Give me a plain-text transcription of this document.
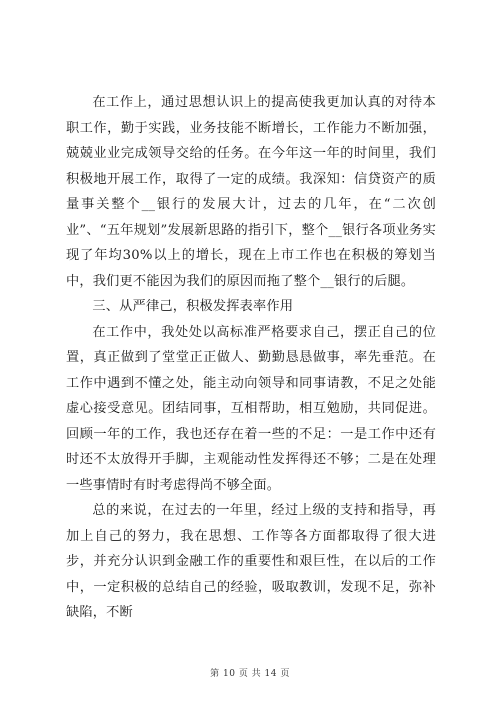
在工作上，通过思想认识上的提高使我更加认真的对待本职工作，勤于实践，业务技能不断增长，工作能力不断加强，兢兢业业完成领导交给的任务。在今年这一年的时间里，我们积极地开展工作，取得了一定的成绩。我深知：信贷资产的质量事关整个__银行的发展大计，过去的几年，在“二次创业”、“五年规划”发展新思路的指引下，整个__银行各项业务实现了年均30%以上的增长，现在上市工作也在积极的筹划当中，我们更不能因为我们的原因而拖了整个__银行的后腿。

三、从严律己，积极发挥表率作用

在工作中，我处处以高标准严格要求自己，摆正自己的位置，真正做到了堂堂正正做人、勤勤恳恳做事，率先垂范。在工作中遇到不懂之处，能主动向领导和同事请教，不足之处能虚心接受意见。团结同事，互相帮助，相互勉励，共同促进。回顾一年的工作，我也还存在着一些的不足：一是工作中还有时还不太放得开手脚，主观能动性发挥得还不够；二是在处理一些事情时有时考虑得尚不够全面。

总的来说，在过去的一年里，经过上级的支持和指导，再加上自己的努力，我在思想、工作等各方面都取得了很大进步，并充分认识到金融工作的重要性和艰巨性，在以后的工作中，一定积极的总结自己的经验，吸取教训，发现不足，弥补缺陷，不断

第 10 页 共 14 页
